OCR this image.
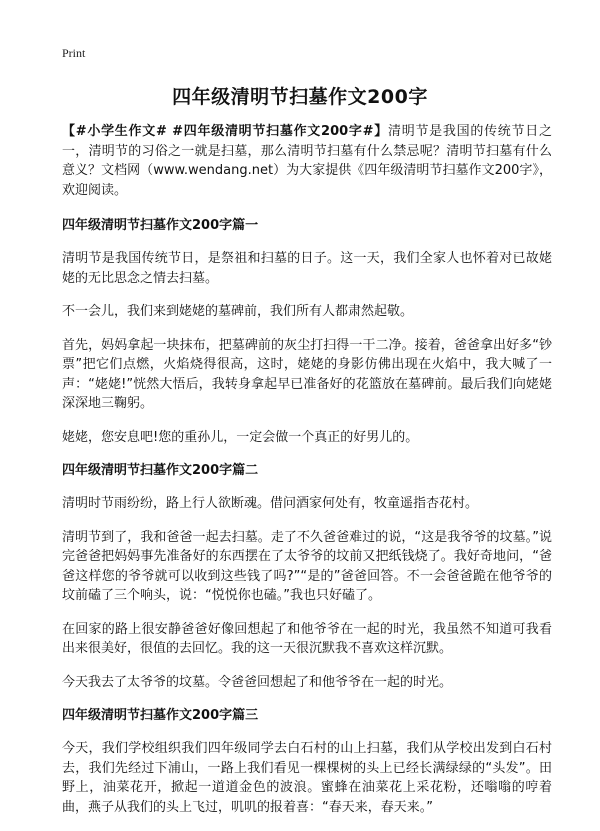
Print
四年级清明节扫墓作文200字

【#小学生作文# #四年级清明节扫墓作文200字#】清明节是我国的传统节日之一，清明节的习俗之一就是扫墓，那么清明节扫墓有什么禁忌呢？清明节扫墓有什么意义？文档网（www.wendang.net）为大家提供《四年级清明节扫墓作文200字》，欢迎阅读。

四年级清明节扫墓作文200字篇一

清明节是我国传统节日，是祭祖和扫墓的日子。这一天，我们全家人也怀着对已故姥姥的无比思念之情去扫墓。

不一会儿，我们来到姥姥的墓碑前，我们所有人都肃然起敬。

首先，妈妈拿起一块抹布，把墓碑前的灰尘打扫得一干二净。接着，爸爸拿出好多“钞票”把它们点燃，火焰烧得很高，这时，姥姥的身影仿佛出现在火焰中，我大喊了一声：“姥姥!”恍然大悟后，我转身拿起早已准备好的花篮放在墓碑前。最后我们向姥姥深深地三鞠躬。

姥姥，您安息吧!您的重孙儿，一定会做一个真正的好男儿的。

四年级清明节扫墓作文200字篇二

清明时节雨纷纷，路上行人欲断魂。借问酒家何处有，牧童遥指杏花村。

清明节到了，我和爸爸一起去扫墓。走了不久爸爸难过的说，“这是我爷爷的坟墓。”说完爸爸把妈妈事先准备好的东西摆在了太爷爷的坟前又把纸钱烧了。我好奇地问，“爸爸这样您的爷爷就可以收到这些钱了吗?”“是的”爸爸回答。不一会爸爸跪在他爷爷的坟前磕了三个响头，说：“悦悦你也磕。”我也只好磕了。

在回家的路上很安静爸爸好像回想起了和他爷爷在一起的时光，我虽然不知道可我看出来很美好，很值的去回忆。我的这一天很沉默我不喜欢这样沉默。

今天我去了太爷爷的坟墓。令爸爸回想起了和他爷爷在一起的时光。

四年级清明节扫墓作文200字篇三

今天，我们学校组织我们四年级同学去白石村的山上扫墓，我们从学校出发到白石村去，我们先经过下浦山，一路上我们看见一棵棵树的头上已经长满绿绿的“头发”。田野上，油菜花开，掀起一道道金色的波浪。蜜蜂在油菜花上采花粉，还嗡嗡的哼着曲，燕子从我们的头上飞过，叽叽的报着喜：“春天来，春天来。”
